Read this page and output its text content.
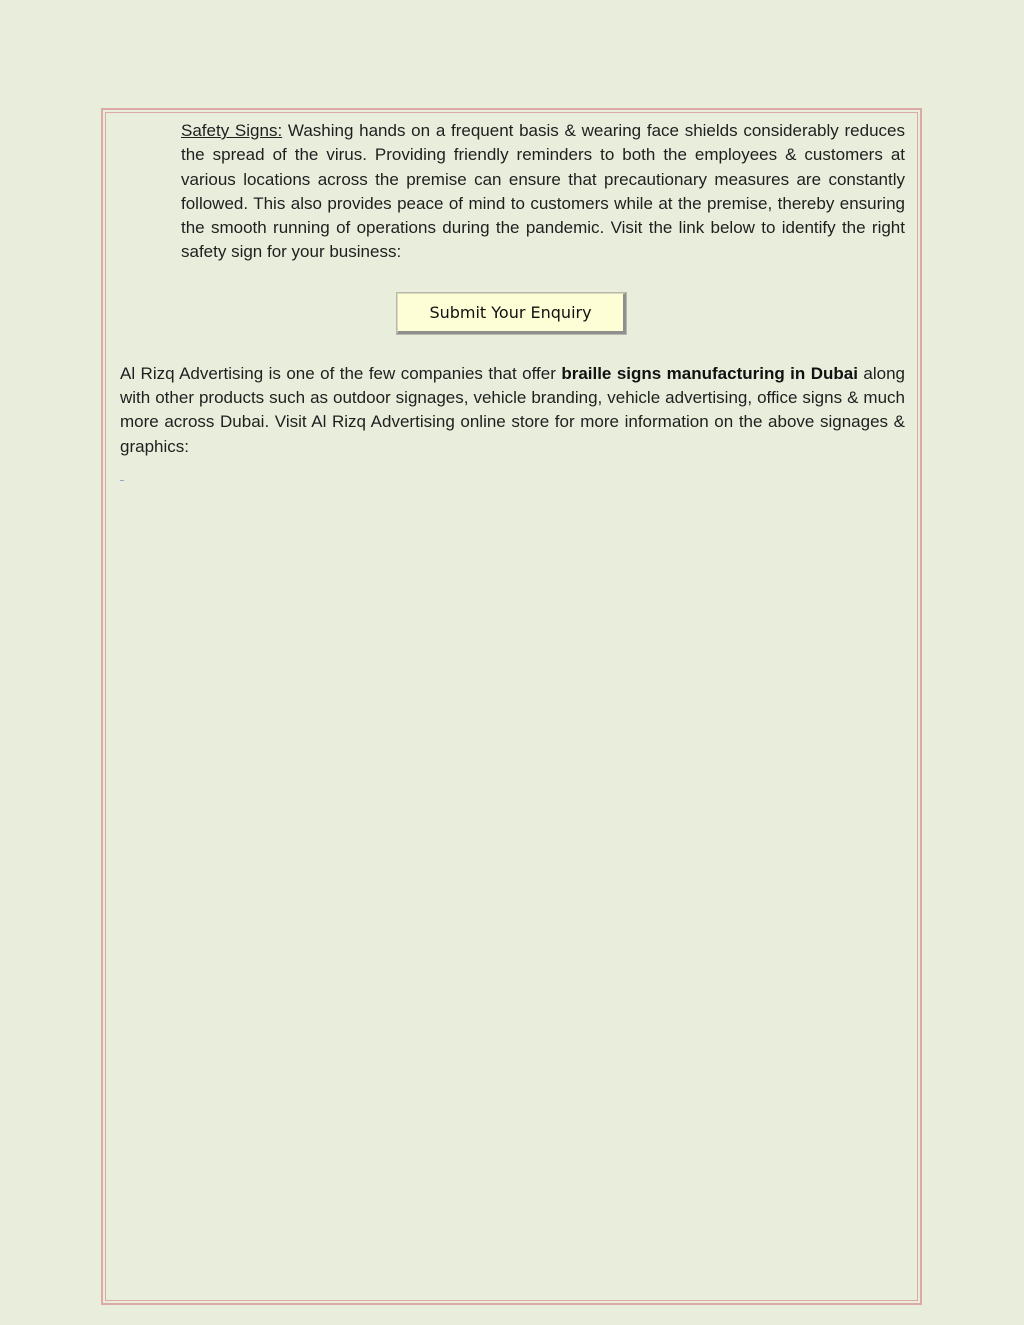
Safety Signs: Washing hands on a frequent basis & wearing face shields considerably reduces the spread of the virus. Providing friendly reminders to both the employees & customers at various locations across the premise can ensure that precautionary measures are constantly followed. This also provides peace of mind to customers while at the premise, thereby ensuring the smooth running of operations during the pandemic. Visit the link below to identify the right safety sign for your business:

Submit Your Enquiry

Al Rizq Advertising is one of the few companies that offer braille signs manufacturing in Dubai along with other products such as outdoor signages, vehicle branding, vehicle advertising, office signs & much more across Dubai. Visit Al Rizq Advertising online store for more information on the above signages & graphics:
